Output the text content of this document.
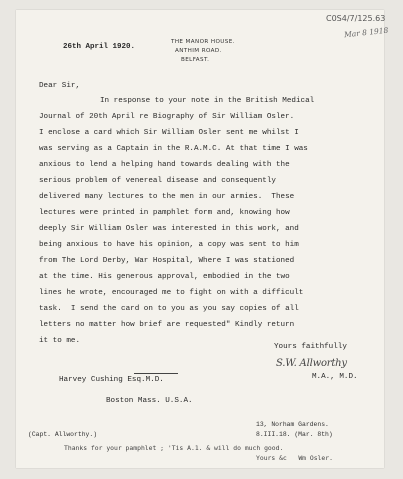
C0S4/7/125.63
Mar 8 1918
26th April 1920.
THE MANOR HOUSE.
ANTHIM ROAD.
BELFAST.
Dear Sir,
In response to your note in the British Medical
Journal of 20th April re Biography of Sir William Osler.
I enclose a card which Sir William Osler sent me whilst I
was serving as a Captain in the R.A.M.C. At that time I was
anxious to lend a helping hand towards dealing with the
serious problem of venereal disease and consequently
delivered many lectures to the men in our armies.  These
lectures were printed in pamphlet form and, knowing how
deeply Sir William Osler was interested in this work, and
being anxious to have his opinion, a copy was sent to him
from The Lord Derby, War Hospital, Where I was stationed
at the time. His generous approval, embodied in the two
lines he wrote, encouraged me to fight on with a difficult
task.  I send the card on to you as you say copies of all
letters no matter how brief are requested" Kindly return
it to me.
Yours faithfully
S.W. Allworthy
M.A., M.D.
Harvey Cushing Esq.M.D.
Boston Mass. U.S.A.
(Capt. Allworthy.)
13, Norham Gardens.
8.III.18. (Mar. 8th)
Thanks for your pamphlet ; 'Tis A.1. & will do much good.
Yours &c   Wm Osler.
